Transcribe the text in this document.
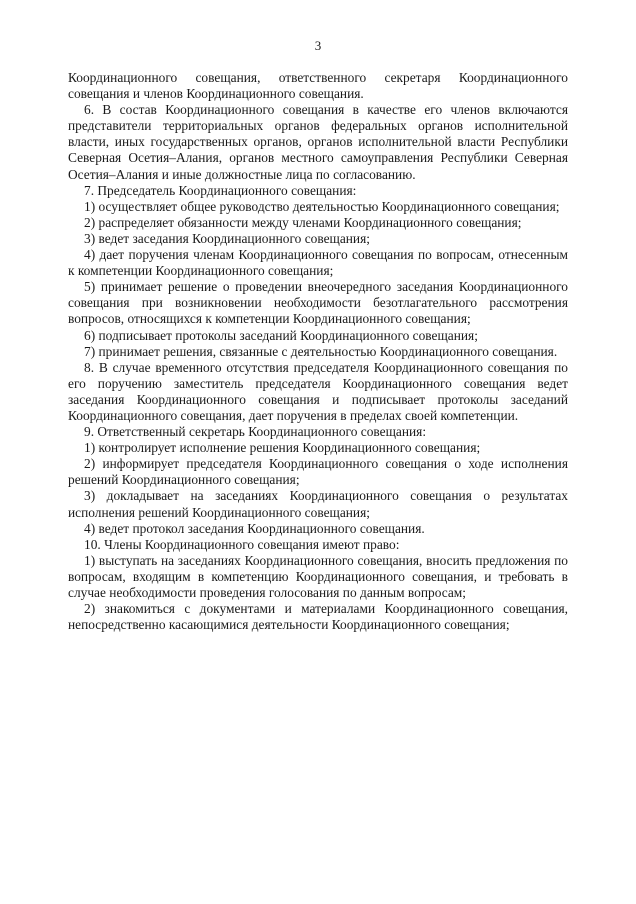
3

Координационного совещания, ответственного секретаря Координационного совещания и членов Координационного совещания.

6. В состав Координационного совещания в качестве его членов включаются представители территориальных органов федеральных органов исполнительной власти, иных государственных органов, органов исполнительной власти Республики Северная Осетия–Алания, органов местного самоуправления Республики Северная Осетия–Алания и иные должностные лица по согласованию.

7. Председатель Координационного совещания:

1) осуществляет общее руководство деятельностью Координационного совещания;

2) распределяет обязанности между членами Координационного совещания;

3) ведет заседания Координационного совещания;

4) дает поручения членам Координационного совещания по вопросам, отнесенным к компетенции Координационного совещания;

5) принимает решение о проведении внеочередного заседания Координационного совещания при возникновении необходимости безотлагательного рассмотрения вопросов, относящихся к компетенции Координационного совещания;

6) подписывает протоколы заседаний Координационного совещания;

7) принимает решения, связанные с деятельностью Координационного совещания.

8. В случае временного отсутствия председателя Координационного совещания по его поручению заместитель председателя Координационного совещания ведет заседания Координационного совещания и подписывает протоколы заседаний Координационного совещания, дает поручения в пределах своей компетенции.

9. Ответственный секретарь Координационного совещания:

1) контролирует исполнение решения Координационного совещания;

2) информирует председателя Координационного совещания о ходе исполнения решений Координационного совещания;

3) докладывает на заседаниях Координационного совещания о результатах исполнения решений Координационного совещания;

4) ведет протокол заседания Координационного совещания.

10. Члены Координационного совещания имеют право:

1) выступать на заседаниях Координационного совещания, вносить предложения по вопросам, входящим в компетенцию Координационного совещания, и требовать в случае необходимости проведения голосования по данным вопросам;

2) знакомиться с документами и материалами Координационного совещания, непосредственно касающимися деятельности Координационного совещания;
